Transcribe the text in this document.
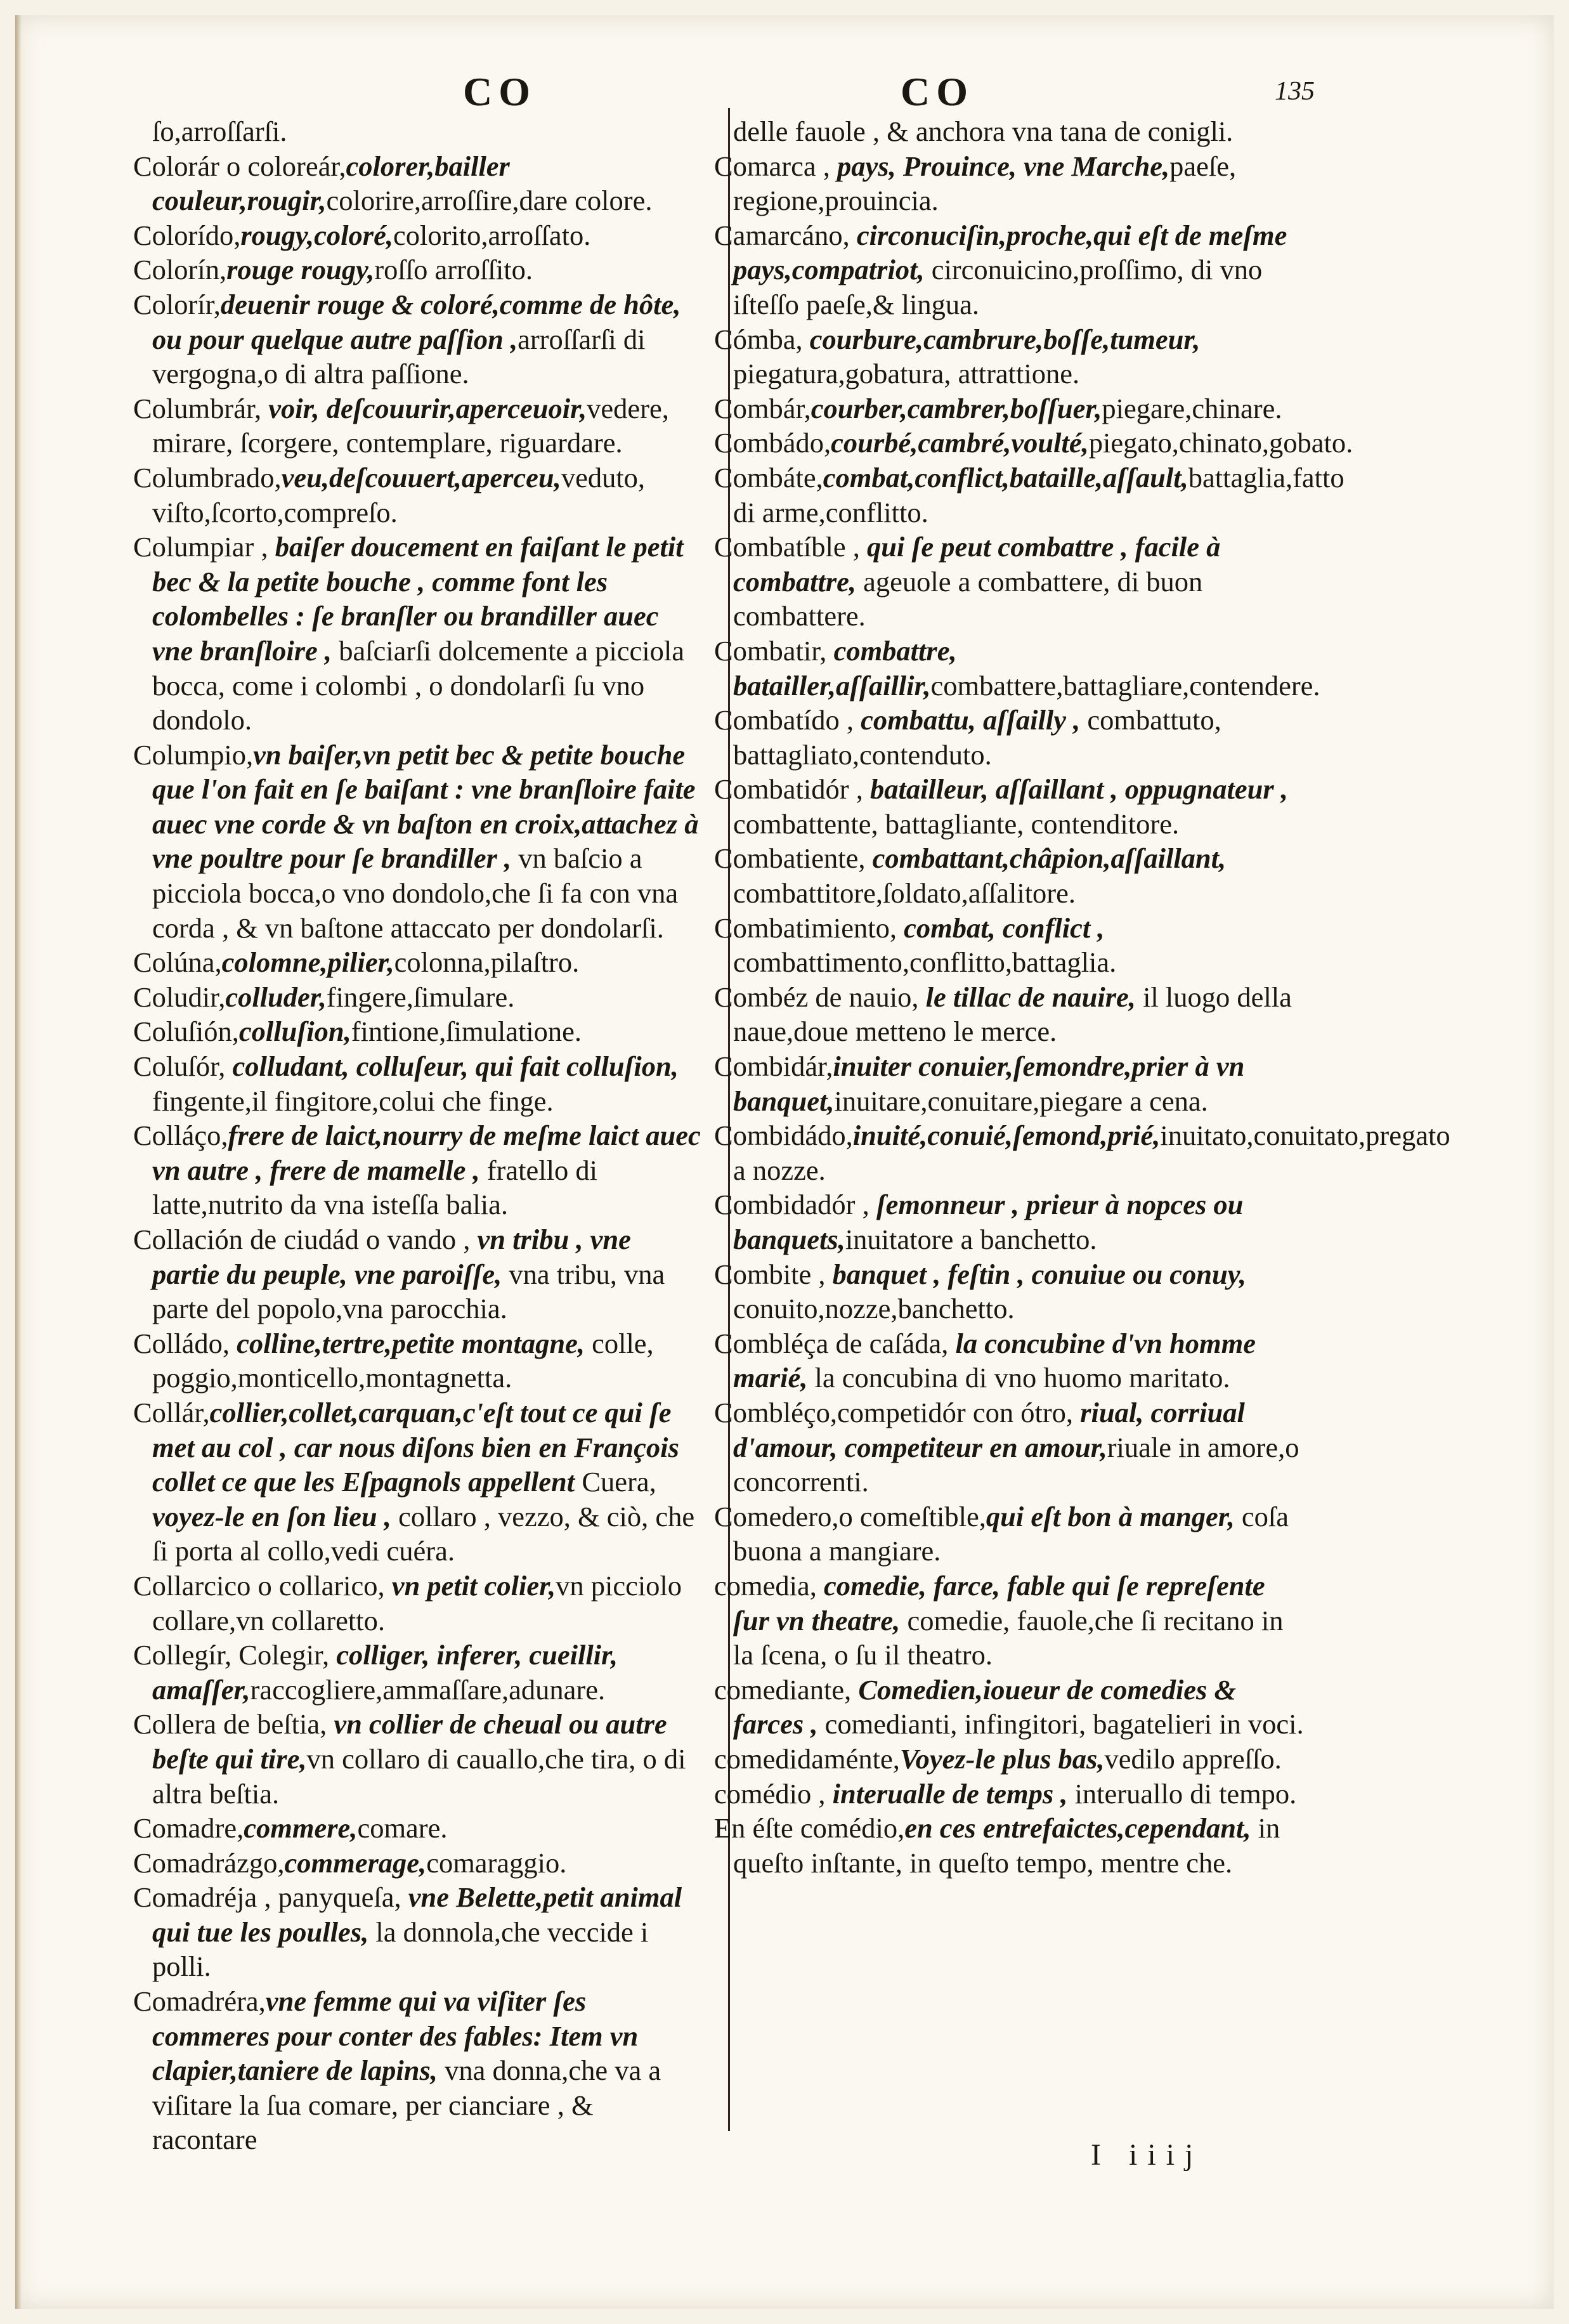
CO	CO	135

ſo,arroſſarſi.

Colorár o coloreár,colorer,bailler couleur,rougir,colorire,arroſſire,dare colore.

Colorído,rougy,coloré,colorito,arroſſato.

Colorín,rouge rougy,roſſo arroſſito.

Colorír,deuenir rouge & coloré,comme de hôte, ou pour quelque autre paſſion ,arroſſarſi di vergogna,o di altra paſſione.

Columbrár, voir, deſcouurir,aperceuoir,vedere, mirare, ſcorgere, contemplare, riguardare.

Columbrado,veu,deſcouuert,aperceu,veduto, viſto,ſcorto,compreſo.

Columpiar , baiſer doucement en faiſant le petit bec & la petite bouche , comme font les colombelles : ſe branſler ou brandiller auec vne branſloire , baſciarſi dolcemente a picciola bocca, come i colombi , o dondolarſi ſu vno dondolo.

Columpio,vn baiſer,vn petit bec & petite bouche que l'on fait en ſe baiſant : vne branſloire faite auec vne corde & vn baſton en croix,attachez à vne poultre pour ſe brandiller , vn baſcio a picciola bocca,o vno dondolo,che ſi fa con vna corda , & vn baſtone attaccato per dondolarſi.

Colúna,colomne,pilier,colonna,pilaſtro.

Coludir,colluder,fingere,ſimulare.

Coluſión,colluſion,fintione,ſimulatione.

Coluſór, colludant, colluſeur, qui fait colluſion, fingente,il fingitore,colui che finge.

Colláço,frere de laict,nourry de meſme laict auec vn autre , frere de mamelle , fratello di latte,nutrito da vna isteſſa balia.

Collación de ciudád o vando , vn tribu , vne partie du peuple, vne paroiſſe, vna tribu, vna parte del popolo,vna parocchia.

Colládo, colline,tertre,petite montagne, colle, poggio,monticello,montagnetta.

Collár,collier,collet,carquan,c'eſt tout ce qui ſe met au col , car nous diſons bien en François collet ce que les Eſpagnols appellent Cuera, voyez-le en ſon lieu , collaro , vezzo, & ciò, che ſi porta al collo,vedi cuéra.

Collarcico o collarico, vn petit colier,vn picciolo collare,vn collaretto.

Collegír, Colegir, colliger, inferer, cueillir, amaſſer,raccogliere,ammaſſare,adunare.

Collera de beſtia, vn collier de cheual ou autre beſte qui tire,vn collaro di cauallo,che tira, o di altra beſtia.

Comadre,commere,comare.

Comadrázgo,commerage,comaraggio.

Comadréja , panyqueſa, vne Belette,petit animal qui tue les poulles, la donnola,che veccide i polli.

Comadréra,vne femme qui va viſiter ſes commeres pour conter des fables: Item vn clapier,taniere de lapins, vna donna,che va a viſitare la ſua comare, per cianciare , & racontare

delle fauole , & anchora vna tana de conigli.

Comarca , pays, Prouince, vne Marche,paeſe, regione,prouincia.

Camarcáno, circonuciſin,proche,qui eſt de meſme pays,compatriot, circonuicino,proſſimo, di vno iſteſſo paeſe,& lingua.

Cómba, courbure,cambrure,boſſe,tumeur, piegatura,gobatura, attrattione.

Combár,courber,cambrer,boſſuer,piegare,chinare.

Combádo,courbé,cambré,voulté,piegato,chinato,gobato.

Combáte,combat,conflict,bataille,aſſault,battaglia,fatto di arme,conflitto.

Combatíble , qui ſe peut combattre , facile à combattre, ageuole a combattere, di buon combattere.

Combatir, combattre, batailler,aſſaillir,combattere,battagliare,contendere.

Combatído , combattu, aſſailly , combattuto, battagliato,contenduto.

Combatidór , batailleur, aſſaillant , oppugnateur , combattente, battagliante, contenditore.

Combatiente, combattant,châpion,aſſaillant, combattitore,ſoldato,aſſalitore.

Combatimiento, combat, conflict , combattimento,conflitto,battaglia.

Combéz de nauio, le tillac de nauire, il luogo della naue,doue metteno le merce.

Combidár,inuiter conuier,ſemondre,prier à vn banquet,inuitare,conuitare,piegare a cena.

Combidádo,inuité,conuié,ſemond,prié,inuitato,conuitato,pregato a nozze.

Combidadór , ſemonneur , prieur à nopces ou banquets,inuitatore a banchetto.

Combite , banquet , feſtin , conuiue ou conuy, conuito,nozze,banchetto.

Combléça de caſáda, la concubine d'vn homme marié, la concubina di vno huomo maritato.

Combléço,competidór con ótro, riual, corriual d'amour, competiteur en amour,riuale in amore,o concorrenti.

Comedero,o comeſtible,qui eſt bon à manger, coſa buona a mangiare.

comedia, comedie, farce, fable qui ſe repreſente ſur vn theatre, comedie, fauole,che ſi recitano in la ſcena, o ſu il theatro.

comediante, Comedien,ioueur de comedies & farces , comedianti, infingitori, bagatelieri in voci.

comedidaménte,Voyez-le plus bas,vedilo appreſſo.

comédio , interualle de temps , interuallo di tempo.

En éſte comédio,en ces entrefaictes,cependant, in queſto inſtante, in queſto tempo, mentre che.

I iiij
